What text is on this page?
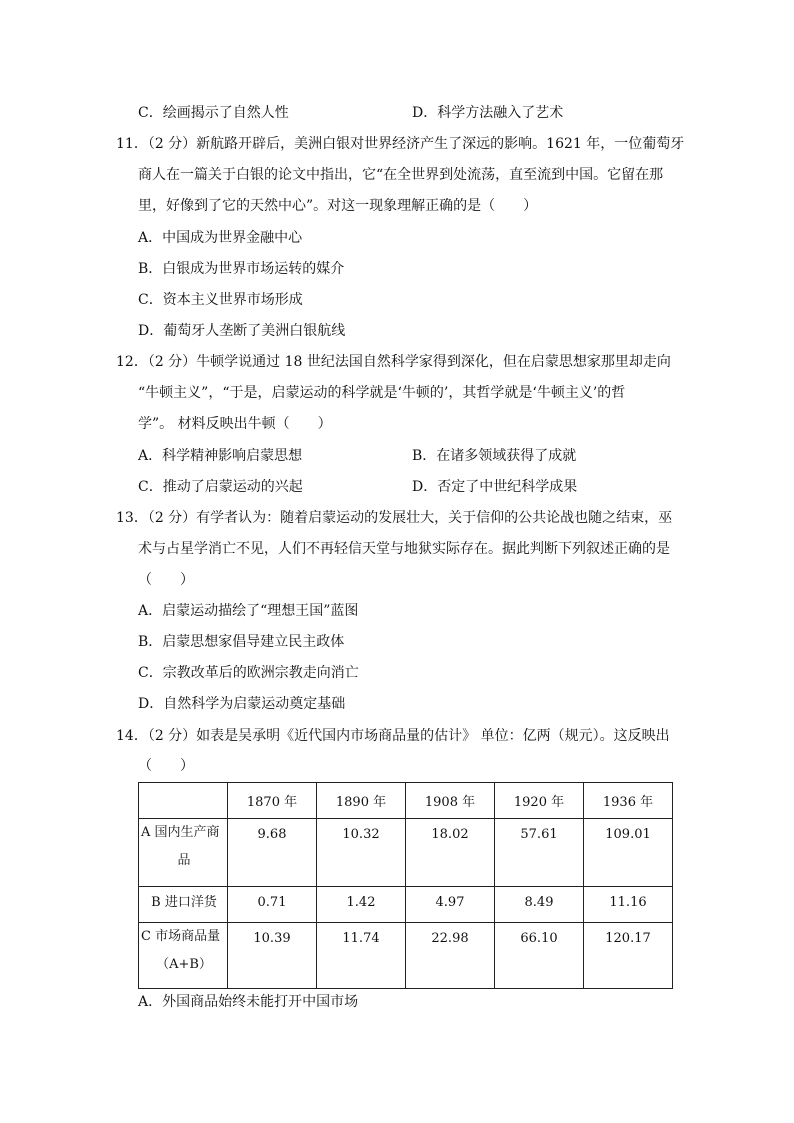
C．绘画揭示了自然人性	D．科学方法融入了艺术
11．（2 分）新航路开辟后，美洲白银对世界经济产生了深远的影响。1621 年，一位葡萄牙
商人在一篇关于白银的论文中指出，它“在全世界到处流荡，直至流到中国。它留在那
里，好像到了它的天然中心”。对这一现象理解正确的是（　　）
A．中国成为世界金融中心
B．白银成为世界市场运转的媒介
C．资本主义世界市场形成
D．葡萄牙人垄断了美洲白银航线
12．（2 分）牛顿学说通过 18 世纪法国自然科学家得到深化，但在启蒙思想家那里却走向
“牛顿主义”，“于是，启蒙运动的科学就是‘牛顿的’，其哲学就是‘牛顿主义’的哲
学”。 材料反映出牛顿（　　）
A．科学精神影响启蒙思想	B．在诸多领域获得了成就
C．推动了启蒙运动的兴起	D．否定了中世纪科学成果
13．（2 分）有学者认为：随着启蒙运动的发展壮大，关于信仰的公共论战也随之结束，巫
术与占星学消亡不见，人们不再轻信天堂与地狱实际存在。据此判断下列叙述正确的是
（　　）
A．启蒙运动描绘了“理想王国”蓝图
B．启蒙思想家倡导建立民主政体
C．宗教改革后的欧洲宗教走向消亡
D．自然科学为启蒙运动奠定基础
14．（2 分）如表是吴承明《近代国内市场商品量的估计》 单位：亿两（规元）。这反映出
（　　）

	1870 年	1890 年	1908 年	1920 年	1936 年

A 国内生产商
品	9.68	10.32	18.02	57.61	109.01

B 进口洋货	0.71	1.42	4.97	8.49	11.16

C 市场商品量
（A+B）	10.39	11.74	22.98	66.10	120.17
A．外国商品始终未能打开中国市场
